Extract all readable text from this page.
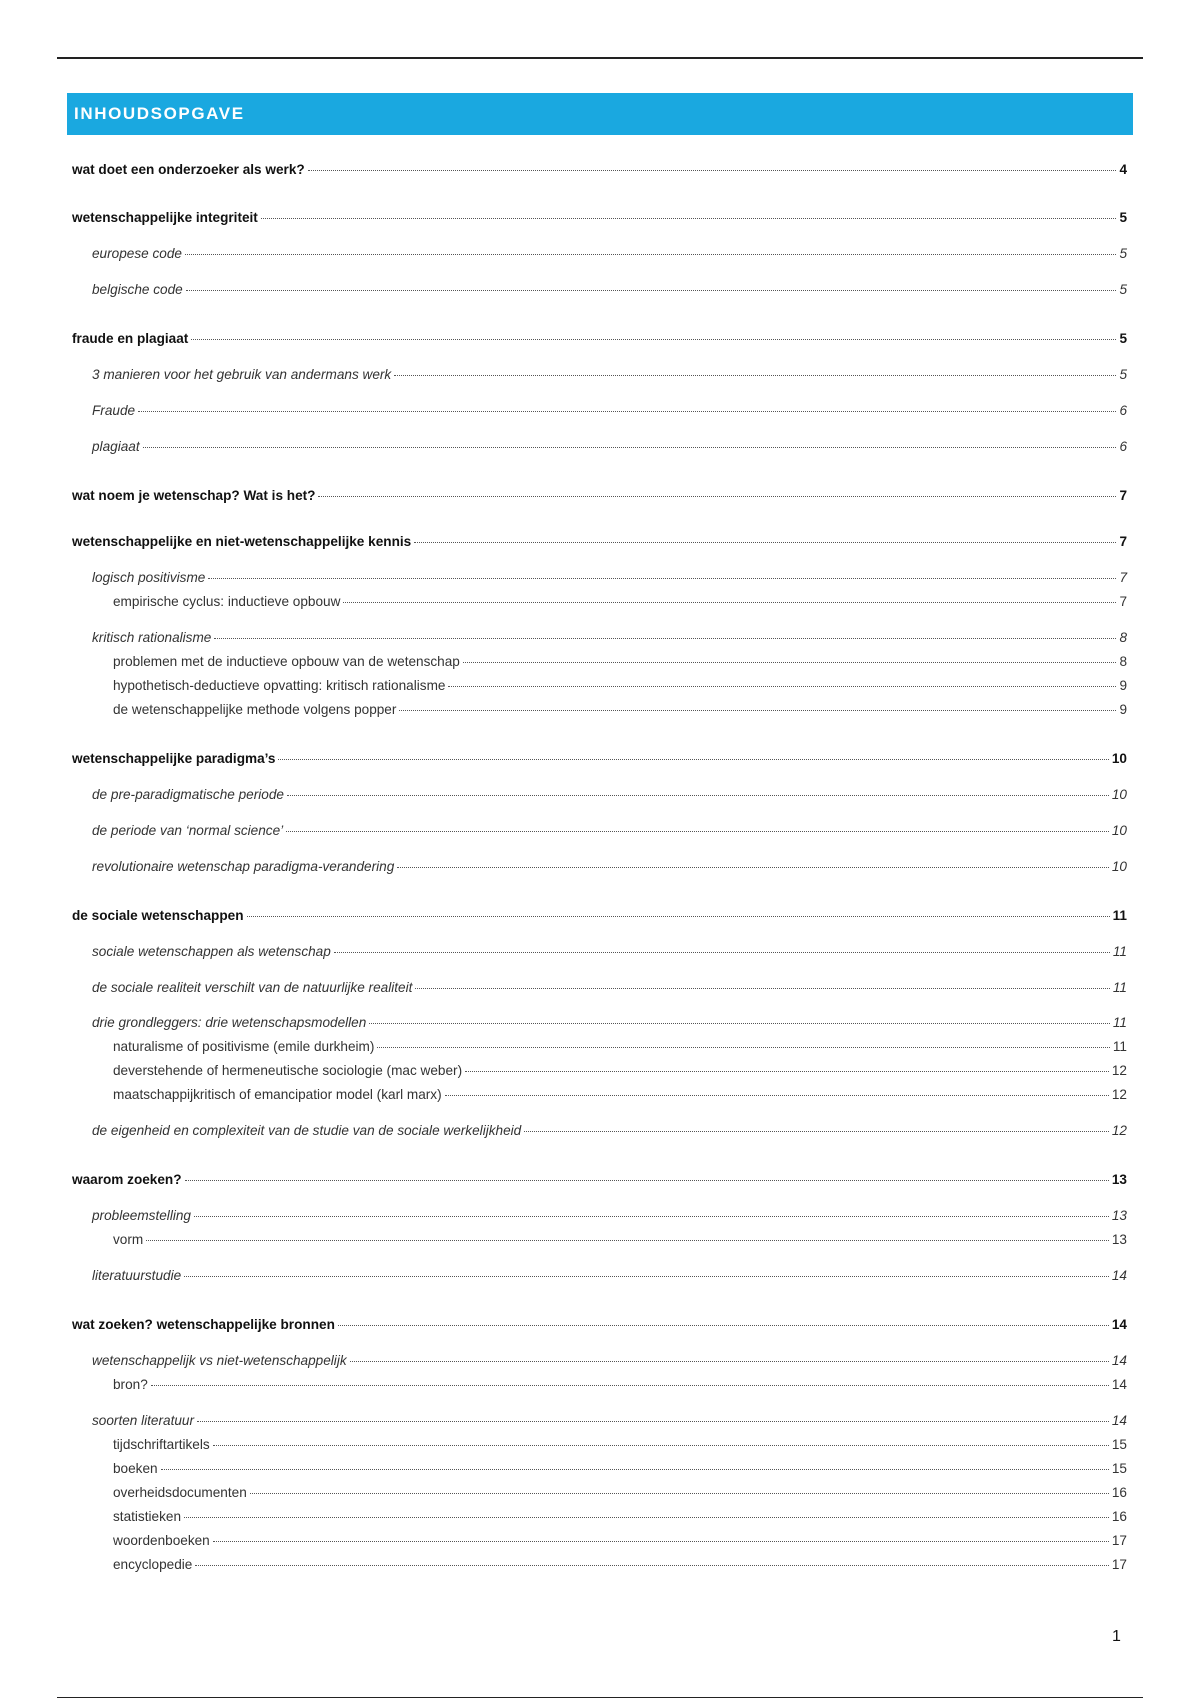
INHOUDSOPGAVE
wat doet een onderzoeker als werk?	4
wetenschappelijke integriteit	5
europese code	5
belgische code	5
fraude en plagiaat	5
3 manieren voor het gebruik van andermans werk	5
Fraude	6
plagiaat	6
wat noem je wetenschap? Wat is het?	7
wetenschappelijke en niet-wetenschappelijke kennis	7
logisch positivisme	7
empirische cyclus: inductieve opbouw	7
kritisch rationalisme	8
problemen met de inductieve opbouw van de wetenschap	8
hypothetisch-deductieve opvatting: kritisch rationalisme	9
de wetenschappelijke methode volgens popper	9
wetenschappelijke paradigma’s	10
de pre-paradigmatische periode	10
de periode van ‘normal science’	10
revolutionaire wetenschap paradigma-verandering	10
de sociale wetenschappen	11
sociale wetenschappen als wetenschap	11
de sociale realiteit verschilt van de natuurlijke realiteit	11
drie grondleggers: drie wetenschapsmodellen	11
naturalisme of positivisme (emile durkheim)	11
deverstehende of hermeneutische sociologie (mac weber)	12
maatschappijkritisch of emancipatior model (karl marx)	12
de eigenheid en complexiteit van de studie van de sociale werkelijkheid	12
waarom zoeken?	13
probleemstelling	13
vorm	13
literatuurstudie	14
wat zoeken? wetenschappelijke bronnen	14
wetenschappelijk vs niet-wetenschappelijk	14
bron?	14
soorten literatuur	14
tijdschriftartikels	15
boeken	15
overheidsdocumenten	16
statistieken	16
woordenboeken	17
encyclopedie	17
1
